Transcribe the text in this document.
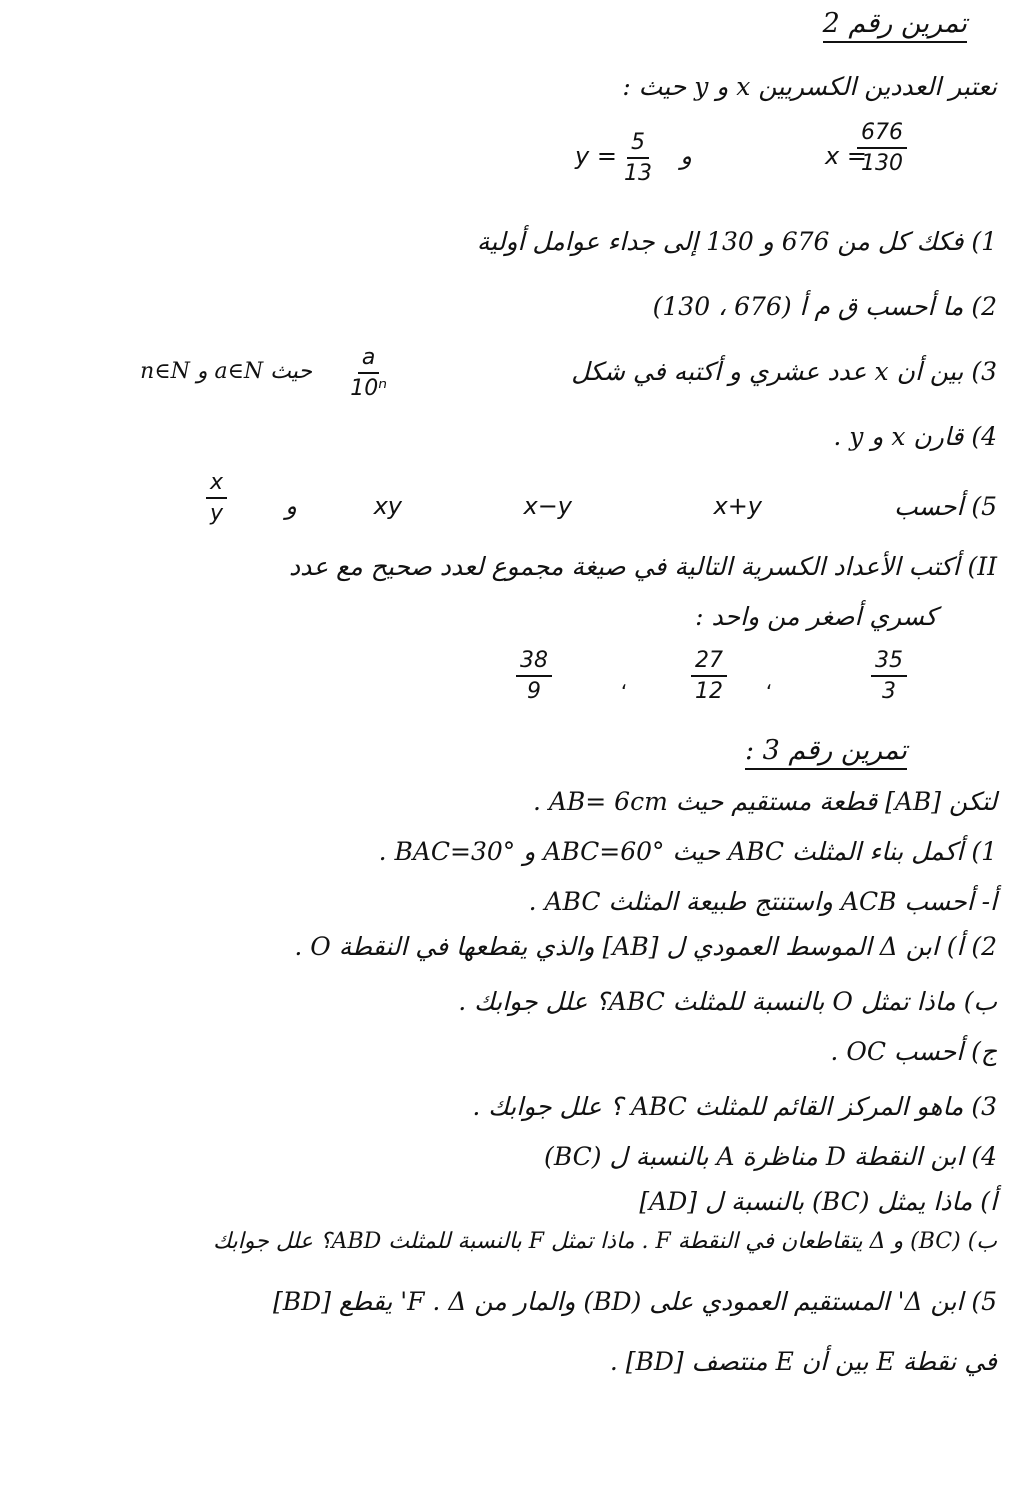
تمرين رقم 2
نعتبر العددين الكسريين x و y حيث :
x =
$\frac{676}{130}$
و
$y = \frac{5}{13}$
1) فكك كل من 676 و 130 إلى جداء عوامل أولية
2) ما أحسب ق م أ (676 ، 130)
3) بين أن x عدد عشري و أكتبه في شكل
$\frac{a}{\text{10ⁿ}}$
حيث a∈N و n∈N
4) قارن x و y .
5) أحسب
x+y
x−y
xy
و
$\frac{x}{y}$
II) أكتب الأعداد الكسرية التالية في صيغة مجموع لعدد صحيح مع عدد
كسري أصغر من واحد :
$\frac{35}{3}$
،
$\frac{27}{12}$
،
$\frac{38}{9}$
تمرين رقم 3 :
لتكن [AB] قطعة مستقيم حيث AB= 6cm .
1) أكمل بناء المثلث ABC حيث ABC=60° و BAC=30° .
أ- أحسب ACB واستنتج طبيعة المثلث ABC .
2) أ) ابن Δ الموسط العمودي ل [AB] والذي يقطعها في النقطة O .
ب) ماذا تمثل O بالنسبة للمثلث ABC؟ علل جوابك .
ج) أحسب OC .
3) ماهو المركز القائم للمثلث ABC ؟ علل جوابك .
4) ابن النقطة D مناظرة A بالنسبة ل (BC)
أ) ماذا يمثل (BC) بالنسبة ل [AD]
ب) (BC) و Δ يتقاطعان في النقطة F . ماذا تمثل F بالنسبة للمثلث ABD؟ علل جوابك
5) ابن Δ' المستقيم العمودي على (BD) والمار من F . Δ' يقطع [BD]
في نقطة E بين أن E منتصف [BD] .
